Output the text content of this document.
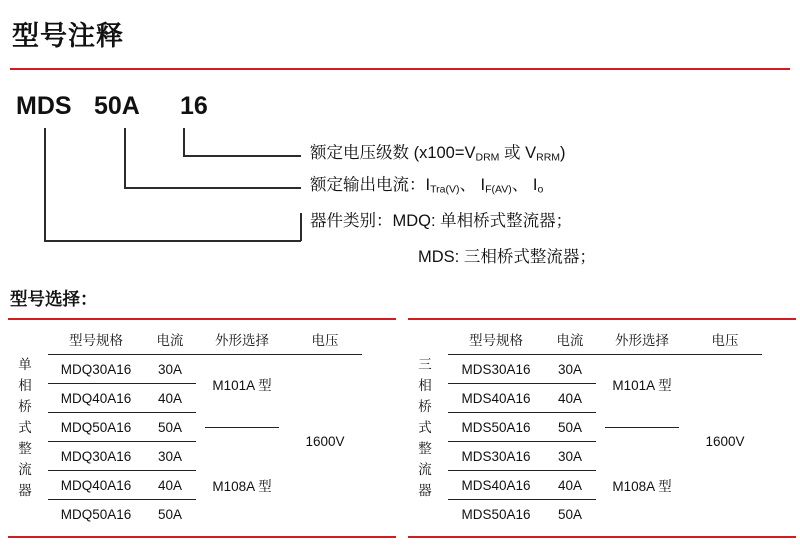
型号注释
MDS 50A 16
额定电压级数 ($x100=V_{DRM}$ 或 $V_{RRM}$)
额定输出电流：$I_{Tra(V)}$、 $I_{F(AV)}$、 $I_o$
器件类别：MDQ: 单相桥式整流器；
MDS: 三相桥式整流器；
型号选择：
单
相
桥
式
整
流
器
型号规格	电流	外形选择	电压
MDQ30A16	30A	M101A 型	1600V
MDQ40A16	40A		
MDQ50A16	50A		
MDQ30A16	30A	M108A 型	
MDQ40A16	40A		
MDQ50A16	50A		
三
相
桥
式
整
流
器
型号规格	电流	外形选择	电压
MDS30A16	30A	M101A 型	1600V
MDS40A16	40A		
MDS50A16	50A		
MDS30A16	30A	M108A 型	
MDS40A16	40A		
MDS50A16	50A		
